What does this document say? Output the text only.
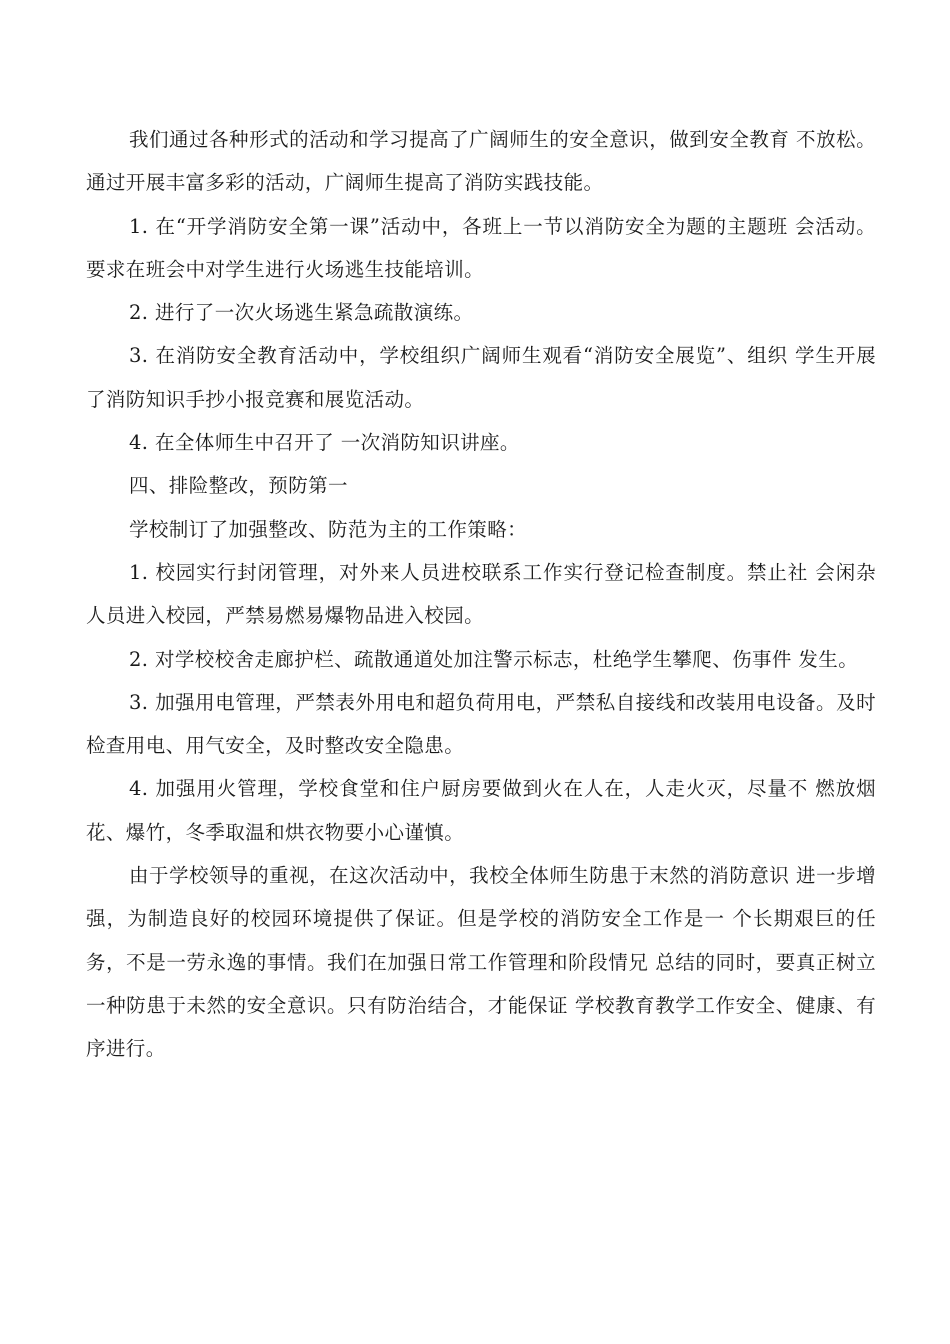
我们通过各种形式的活动和学习提高了广阔师生的安全意识，做到安全教育 不放松。通过开展丰富多彩的活动，广阔师生提高了消防实践技能。

1. 在“开学消防安全第一课”活动中，各班上一节以消防安全为题的主题班 会活动。要求在班会中对学生进行火场逃生技能培训。

2. 进行了一次火场逃生紧急疏散演练。

3. 在消防安全教育活动中，学校组织广阔师生观看“消防安全展览”、组织 学生开展了消防知识手抄小报竞赛和展览活动。

4. 在全体师生中召开了 一次消防知识讲座。

四、排险整改，预防第一

学校制订了加强整改、防范为主的工作策略：

1. 校园实行封闭管理，对外来人员进校联系工作实行登记检查制度。禁止社 会闲杂人员进入校园，严禁易燃易爆物品进入校园。

2. 对学校校舍走廊护栏、疏散通道处加注警示标志，杜绝学生攀爬、伤事件 发生。

3. 加强用电管理，严禁表外用电和超负荷用电，严禁私自接线和改装用电设备。及时检查用电、用气安全，及时整改安全隐患。

4. 加强用火管理，学校食堂和住户厨房要做到火在人在，人走火灭，尽量不 燃放烟花、爆竹，冬季取温和烘衣物要小心谨慎。

由于学校领导的重视，在这次活动中，我校全体师生防患于末然的消防意识 进一步增强，为制造良好的校园环境提供了保证。但是学校的消防安全工作是一 个长期艰巨的任务，不是一劳永逸的事情。我们在加强日常工作管理和阶段情兄 总结的同时，要真正树立一种防患于未然的安全意识。只有防治结合，才能保证 学校教育教学工作安全、健康、有序进行。
